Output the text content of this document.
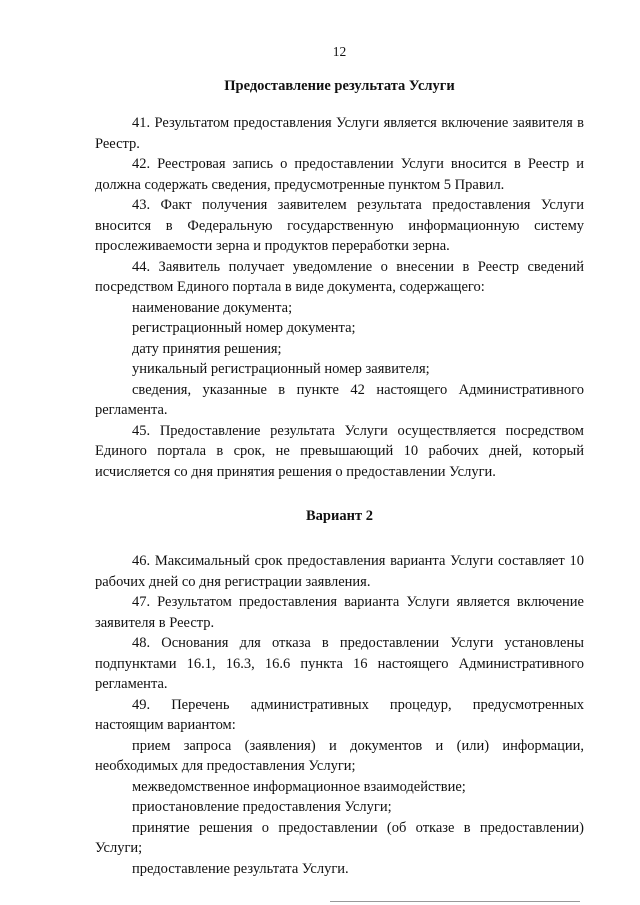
12
Предоставление результата Услуги

41. Результатом предоставления Услуги является включение заявителя в Реестр.

42. Реестровая запись о предоставлении Услуги вносится в Реестр и должна содержать сведения, предусмотренные пунктом 5 Правил.

43. Факт получения заявителем результата предоставления Услуги вносится в Федеральную государственную информационную систему прослеживаемости зерна и продуктов переработки зерна.

44. Заявитель получает уведомление о внесении в Реестр сведений посредством Единого портала в виде документа, содержащего:

наименование документа;

регистрационный номер документа;

дату принятия решения;

уникальный регистрационный номер заявителя;

сведения, указанные в пункте 42 настоящего Административного регламента.

45. Предоставление результата Услуги осуществляется посредством Единого портала в срок, не превышающий 10 рабочих дней, который исчисляется со дня принятия решения о предоставлении Услуги.

Вариант 2

46. Максимальный срок предоставления варианта Услуги составляет 10 рабочих дней со дня регистрации заявления.

47. Результатом предоставления варианта Услуги является включение заявителя в Реестр.

48. Основания для отказа в предоставлении Услуги установлены подпунктами 16.1, 16.3, 16.6 пункта 16 настоящего Административного регламента.

49. Перечень административных процедур, предусмотренных настоящим вариантом:

прием запроса (заявления) и документов и (или) информации, необходимых для предоставления Услуги;

межведомственное информационное взаимодействие;

приостановление предоставления Услуги;

принятие решения о предоставлении (об отказе в предоставлении) Услуги;

предоставление результата Услуги.
